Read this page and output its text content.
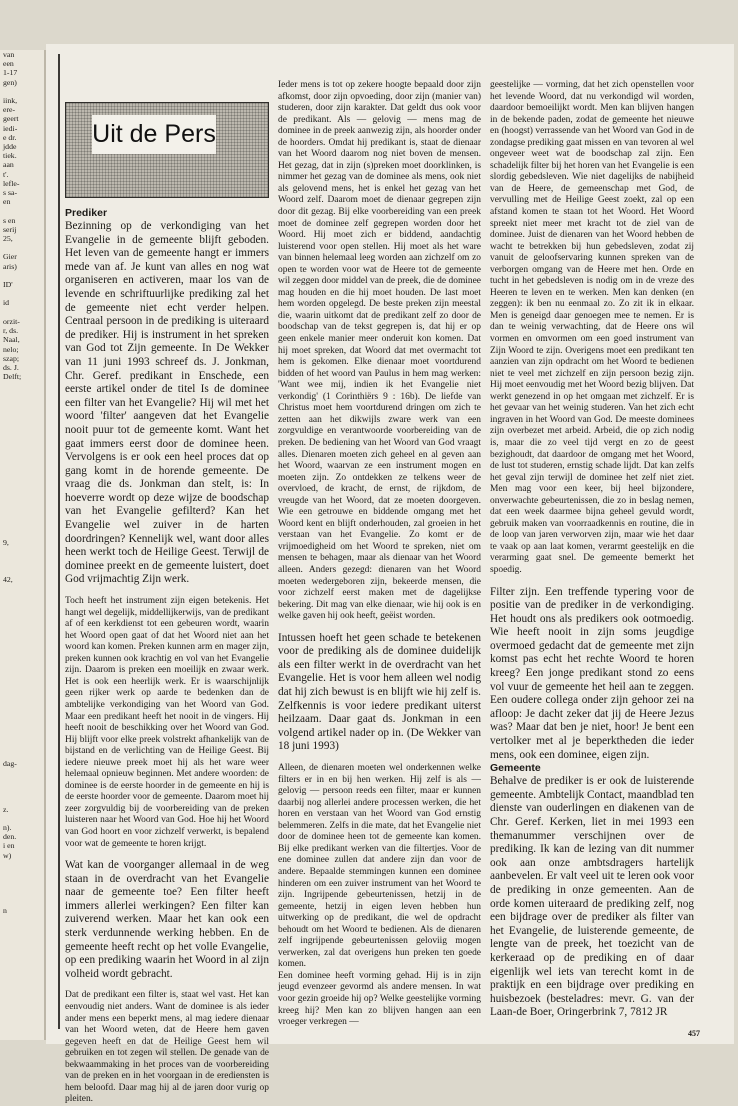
van
een
1-17
gen)

iink,
ere-
geert
iedi-
e dr.
jdde
tiek.
aan
t'.
lefle-
s sa-
en

s en
serij
25,

Gier
aris)

ID'

id

orzit-
r, ds.
Naal,
nelo;
szap;
ds. J.
Delft;

9,

42,

dag-

z.

n).
den.
i en
w)

n
Uit de Pers

Prediker

Bezinning op de verkondiging van het Evangelie in de gemeente blijft geboden. Het leven van de gemeente hangt er immers mede van af. Je kunt van alles en nog wat organiseren en activeren, maar los van de levende en schriftuurlijke prediking zal het de gemeente niet echt verder helpen. Centraal persoon in de prediking is uiteraard de prediker. Hij is instrument in het spreken van God tot Zijn gemeente. In De Wekker van 11 juni 1993 schreef ds. J. Jonkman, Chr. Geref. predikant in Enschede, een eerste artikel onder de titel Is de dominee een filter van het Evangelie? Hij wil met het woord 'filter' aangeven dat het Evangelie nooit puur tot de gemeente komt. Want het gaat immers eerst door de dominee heen. Vervolgens is er ook een heel proces dat op gang komt in de horende gemeente. De vraag die ds. Jonkman dan stelt, is: In hoeverre wordt op deze wijze de boodschap van het Evangelie gefilterd? Kan het Evangelie wel zuiver in de harten doordringen? Kennelijk wel, want door alles heen werkt toch de Heilige Geest. Terwijl de dominee preekt en de gemeente luistert, doet God vrijmachtig Zijn werk.

Toch heeft het instrument zijn eigen betekenis. Het hangt wel degelijk, middellijkerwijs, van de predikant af of een kerkdienst tot een gebeuren wordt, waarin het Woord open gaat of dat het Woord niet aan het woord kan komen. Preken kunnen arm en mager zijn, preken kunnen ook krachtig en vol van het Evangelie zijn. Daarom is preken een moeilijk en zwaar werk. Het is ook een heerlijk werk. Er is waarschijnlijk geen rijker werk op aarde te bedenken dan de ambtelijke verkondiging van het Woord van God. Maar een predikant heeft het nooit in de vingers. Hij heeft nooit de beschikking over het Woord van God. Hij blijft voor elke preek volstrekt afhankelijk van de bijstand en de verlichting van de Heilige Geest. Bij iedere nieuwe preek moet hij als het ware weer helemaal opnieuw beginnen. Met andere woorden: de dominee is de eerste hoorder in de gemeente en hij is de eerste hoorder voor de gemeente. Daarom moet hij zeer zorgvuldig bij de voorbereiding van de preken luisteren naar het Woord van God. Hoe hij het Woord van God hoort en voor zichzelf verwerkt, is bepalend voor wat de gemeente te horen krijgt.

Wat kan de voorganger allemaal in de weg staan in de overdracht van het Evangelie naar de gemeente toe? Een filter heeft immers allerlei werkingen? Een filter kan zuiverend werken. Maar het kan ook een sterk verdunnende werking hebben. En de gemeente heeft recht op het volle Evangelie, op een prediking waarin het Woord in al zijn volheid wordt gebracht.

Dat de predikant een filter is, staat wel vast. Het kan eenvoudig niet anders. Want de dominee is als ieder ander mens een beperkt mens, al mag iedere dienaar van het Woord weten, dat de Heere hem gaven gegeven heeft en dat de Heilige Geest hem wil gebruiken en tot zegen wil stellen. De genade van de bekwaammaking in het proces van de voorbereiding van de preken en in het voorgaan in de erediensten is hem beloofd. Daar mag hij al de jaren door vurig op pleiten.

Ieder mens is tot op zekere hoogte bepaald door zijn afkomst, door zijn opvoeding, door zijn (manier van) studeren, door zijn karakter. Dat geldt dus ook voor de predikant. Als — gelovig — mens mag de dominee in de preek aanwezig zijn, als hoorder onder de hoorders. Omdat hij predikant is, staat de dienaar van het Woord daarom nog niet boven de mensen. Het gezag, dat in zijn (s)preken moet doorklinken, is nimmer het gezag van de dominee als mens, ook niet als gelovend mens, het is enkel het gezag van het Woord zelf. Daarom moet de dienaar gegrepen zijn door dit gezag. Bij elke voorbereiding van een preek moet de dominee zelf gegrepen worden door het Woord. Hij moet zich er biddend, aandachtig luisterend voor open stellen. Hij moet als het ware van binnen helemaal leeg worden aan zichzelf om zo open te worden voor wat de Heere tot de gemeente wil zeggen door middel van de preek, die de dominee mag houden en die hij moet houden. De last moet hem worden opgelegd. De beste preken zijn meestal die, waarin uitkomt dat de predikant zelf zo door de boodschap van de tekst gegrepen is, dat hij er op geen enkele manier meer onderuit kon komen. Dat hij moet spreken, dat Woord dat met overmacht tot hem is gekomen. Elke dienaar moet voortdurend bidden of het woord van Paulus in hem mag werken: 'Want wee mij, indien ik het Evangelie niet verkondig' (1 Corinthiërs 9 : 16b). De liefde van Christus moet hem voortdurend dringen om zich te zetten aan het dikwijls zware werk van een zorgvuldige en verantwoorde voorbereiding van de preken. De bediening van het Woord van God vraagt alles. Dienaren moeten zich geheel en al geven aan het Woord, waarvan ze een instrument mogen en moeten zijn. Zo ontdekken ze telkens weer de overvloed, de kracht, de ernst, de rijkdom, de vreugde van het Woord, dat ze moeten doorgeven. Wie een getrouwe en biddende omgang met het Woord kent en blijft onderhouden, zal groeien in het verstaan van het Evangelie. Zo komt er de vrijmoedigheid om het Woord te spreken, niet om mensen te behagen, maar als dienaar van het Woord alleen. Anders gezegd: dienaren van het Woord moeten wedergeboren zijn, bekeerde mensen, die voor zichzelf eerst maken met de dagelijkse bekering. Dit mag van elke dienaar, wie hij ook is en welke gaven hij ook heeft, geëist worden.

Intussen hoeft het geen schade te betekenen voor de prediking als de dominee duidelijk als een filter werkt in de overdracht van het Evangelie. Het is voor hem alleen wel nodig dat hij zich bewust is en blijft wie hij zelf is. Zelfkennis is voor iedere predikant uiterst heilzaam. Daar gaat ds. Jonkman in een volgend artikel nader op in. (De Wekker van 18 juni 1993)

Alleen, de dienaren moeten wel onderkennen welke filters er in en bij hen werken. Hij zelf is als — gelovig — persoon reeds een filter, maar er kunnen daarbij nog allerlei andere processen werken, die het horen en verstaan van het Woord van God ernstig belemmeren. Zelfs in die mate, dat het Evangelie niet door de dominee heen tot de gemeente kan komen. Bij elke predikant werken van die filtertjes. Voor de ene dominee zullen dat andere zijn dan voor de andere. Bepaalde stemmingen kunnen een dominee hinderen om een zuiver instrument van het Woord te zijn. Ingrijpende gebeurtenissen, hetzij in de gemeente, hetzij in eigen leven hebben hun uitwerking op de predikant, die wel de opdracht behoudt om het Woord te bedienen. Als de dienaren zelf ingrijpende gebeurtenissen geloviig mogen verwerken, zal dat overigens hun preken ten goede komen.

Een dominee heeft vorming gehad. Hij is in zijn jeugd evenzeer gevormd als andere mensen. In wat voor gezin groeide hij op? Welke geestelijke vorming kreeg hij? Men kan zo blijven hangen aan een vroeger verkregen —

geestelijke — vorming, dat het zich openstellen voor het levende Woord, dat nu verkondigd wil worden, daardoor bemoeilijkt wordt. Men kan blijven hangen in de bekende paden, zodat de gemeente het nieuwe en (hoogst) verrassende van het Woord van God in de zondagse prediking gaat missen en van tevoren al wel ongeveer weet wat de boodschap zal zijn. Een schadelijk filter bij het horen van het Evangelie is een slordig gebedsleven. Wie niet dagelijks de nabijheid van de Heere, de gemeenschap met God, de vervulling met de Heilige Geest zoekt, zal op een afstand komen te staan tot het Woord. Het Woord spreekt niet meer met kracht tot de ziel van de dominee. Juist de dienaren van het Woord hebben de wacht te betrekken bij hun gebedsleven, zodat zij vanuit de geloofservaring kunnen spreken van de verborgen omgang van de Heere met hen. Orde en tucht in het gebedsleven is nodig om in de vreze des Heeren te leven en te werken. Men kan denken (en zeggen): ik ben nu eenmaal zo. Zo zit ik in elkaar. Men is geneigd daar genoegen mee te nemen. Er is dan te weinig verwachting, dat de Heere ons wil vormen en omvormen om een goed instrument van Zijn Woord te zijn. Overigens moet een predikant ten aanzien van zijn opdracht om het Woord te bedienen niet te veel met zichzelf en zijn persoon bezig zijn. Hij moet eenvoudig met het Woord bezig blijven. Dat werkt genezend in op het omgaan met zichzelf. Er is het gevaar van het weinig studeren. Van het zich echt ingraven in het Woord van God. De meeste dominees zijn overbezet met arbeid. Arbeid, die op zich nodig is, maar die zo veel tijd vergt en zo de geest bezighoudt, dat daardoor de omgang met het Woord, de lust tot studeren, ernstig schade lijdt. Dat kan zelfs het geval zijn terwijl de dominee het zelf niet ziet. Men mag voor een keer, bij heel bijzondere, onverwachte gebeurtenissen, die zo in beslag nemen, dat een week daarmee bijna geheel gevuld wordt, gebruik maken van voorraadkennis en routine, die in de loop van jaren verworven zijn, maar wie het daar te vaak op aan laat komen, verarmt geestelijk en die verarming gaat snel. De gemeente bemerkt het spoedig.

Filter zijn. Een treffende typering voor de positie van de prediker in de verkondiging. Het houdt ons als predikers ook ootmoedig. Wie heeft nooit in zijn soms jeugdige overmoed gedacht dat de gemeente met zijn komst pas echt het rechte Woord te horen kreeg? Een jonge predikant stond zo eens vol vuur de gemeente het heil aan te zeggen. Een oudere collega onder zijn gehoor zei na afloop: Je dacht zeker dat jij de Heere Jezus was? Maar dat ben je niet, hoor! Je bent een vertolker met al je beperktheden die ieder mens, ook een dominee, eigen zijn.

Gemeente

Behalve de prediker is er ook de luisterende gemeente. Ambtelijk Contact, maandblad ten dienste van ouderlingen en diakenen van de Chr. Geref. Kerken, liet in mei 1993 een themanummer verschijnen over de prediking. Ik kan de lezing van dit nummer ook aan onze ambtsdragers hartelijk aanbevelen. Er valt veel uit te leren ook voor de prediking in onze gemeenten. Aan de orde komen uiteraard de prediking zelf, nog een bijdrage over de prediker als filter van het Evangelie, de luisterende gemeente, de lengte van de preek, het toezicht van de kerkeraad op de prediking en of daar eigenlijk wel iets van terecht komt in de praktijk en een bijdrage over prediking en huisbezoek (besteladres: mevr. G. van der Laan-de Boer, Oringerbrink 7, 7812 JR

457
